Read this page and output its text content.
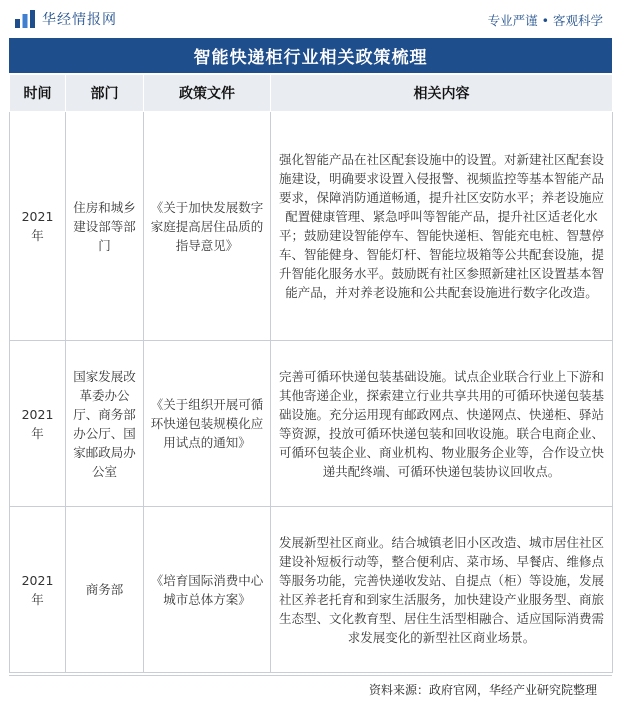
华经情报网	专业严谨 • 客观科学
智能快递柜行业相关政策梳理
时间	部门	政策文件	相关内容
2021年	住房和城乡建设部等部门	《关于加快发展数字家庭提高居住品质的指导意见》	强化智能产品在社区配套设施中的设置。对新建社区配套设施建设，明确要求设置入侵报警、视频监控等基本智能产品要求，保障消防通道畅通，提升社区安防水平；养老设施应配置健康管理、紧急呼叫等智能产品，提升社区适老化水平；鼓励建设智能停车、智能快递柜、智能充电桩、智慧停车、智能健身、智能灯杆、智能垃圾箱等公共配套设施，提升智能化服务水平。鼓励既有社区参照新建社区设置基本智能产品，并对养老设施和公共配套设施进行数字化改造。
2021年	国家发展改革委办公厅、商务部办公厅、国家邮政局办公室	《关于组织开展可循环快递包装规模化应用试点的通知》	完善可循环快递包装基础设施。试点企业联合行业上下游和其他寄递企业，探索建立行业共享共用的可循环快递包装基础设施。充分运用现有邮政网点、快递网点、快递柜、驿站等资源，投放可循环快递包装和回收设施。联合电商企业、可循环包装企业、商业机构、物业服务企业等，合作设立快递共配终端、可循环快递包装协议回收点。
2021年	商务部	《培育国际消费中心城市总体方案》	发展新型社区商业。结合城镇老旧小区改造、城市居住社区建设补短板行动等，整合便利店、菜市场、早餐店、维修点等服务功能，完善快递收发站、自提点（柜）等设施，发展社区养老托育和到家生活服务，加快建设产业服务型、商旅生态型、文化教育型、居住生活型相融合、适应国际消费需求发展变化的新型社区商业场景。
资料来源：政府官网，华经产业研究院整理
